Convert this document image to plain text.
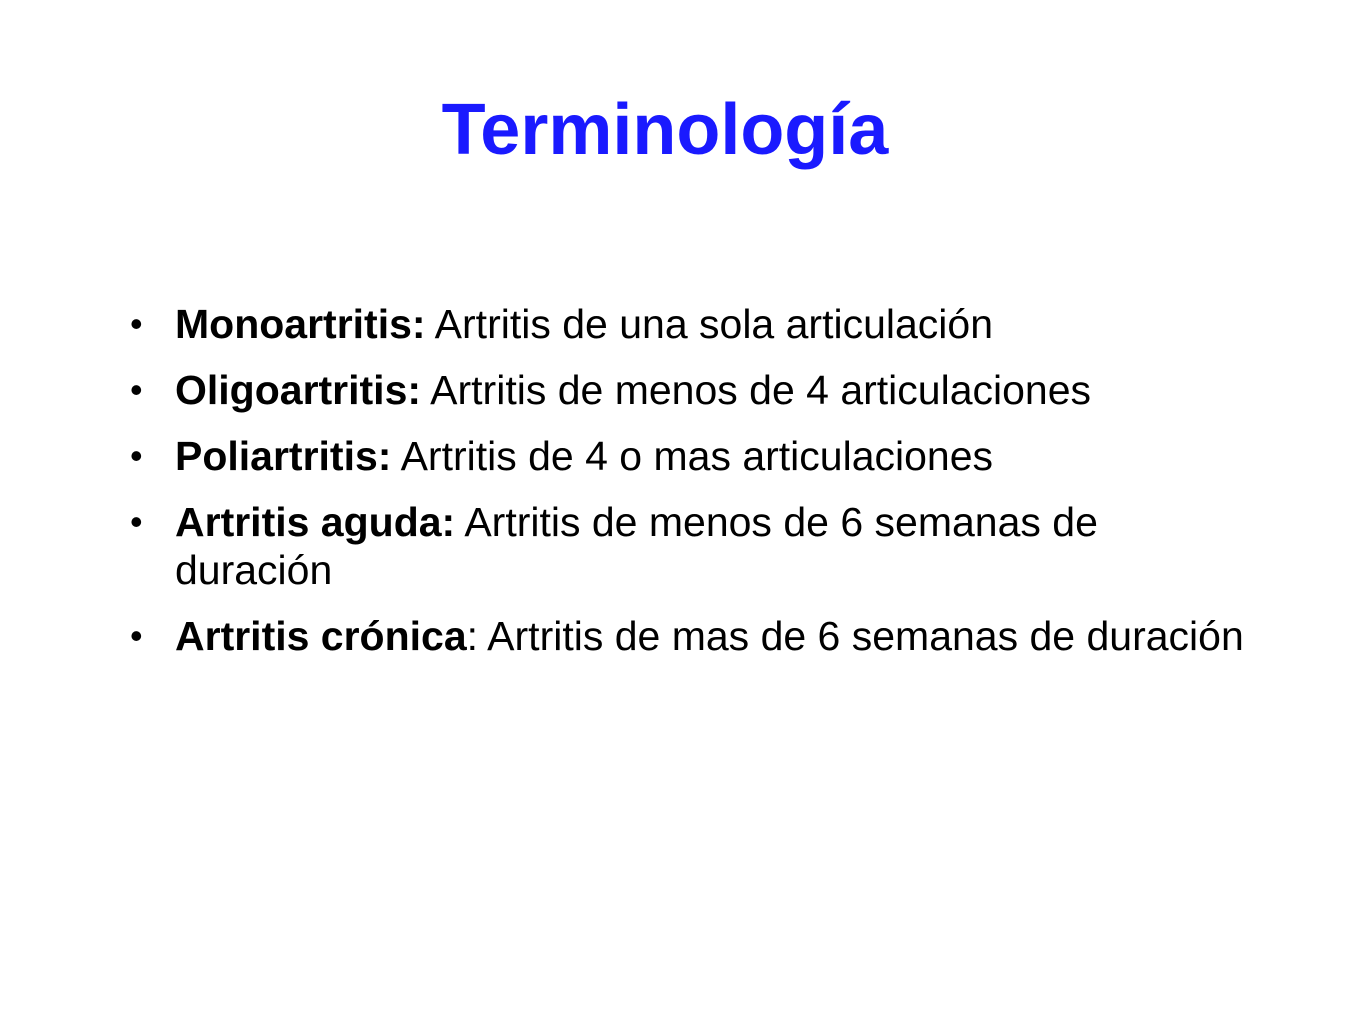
Terminología
• Monoartritis: Artritis de una sola articulación
• Oligoartritis: Artritis de menos de 4 articulaciones
• Poliartritis: Artritis de 4 o mas articulaciones
• Artritis aguda: Artritis de menos de 6 semanas de duración
• Artritis crónica: Artritis de mas de 6 semanas de duración
